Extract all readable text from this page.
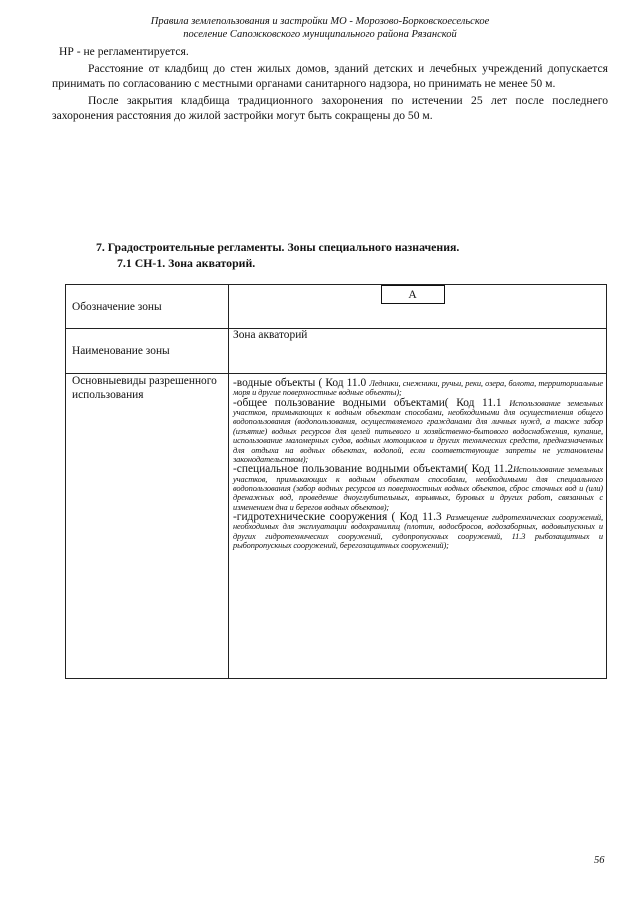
Правила землепользования и застройки МО - Морозово-Борковскоесельское
поселение Сапожковского муниципального района Рязанской

НР - не регламентируется.

Расстояние от кладбищ до стен жилых домов, зданий детских и лечебных учреждений допускается принимать по согласованию с местными органами санитарного надзора, но принимать не менее 50 м.

После закрытия кладбища традиционного захоронения по истечении 25 лет после последнего захоронения расстояния до жилой застройки могут быть сокращены до 50 м.

7. Градостроительные регламенты. Зоны специального назначения.
7.1 СН-1. Зона акваторий.
Обозначение зоны	А

Наименование зоны	Зона акваторий
Основныевиды разрешенного использования	-водные объекты ( Код 11.0 Ледники, снежники, ручьи, реки, озера, болота, территориальные моря и другие поверхностные водные объекты);
-общее пользование водными объектами( Код 11.1 Использование земельных участков, примыкающих к водным объектам способами, необходимыми для осуществления общего водопользования (водопользования, осуществляемого гражданами для личных нужд, а также забор (изъятие) водных ресурсов для целей питьевого и хозяйственно-бытового водоснабжения, купание, использование маломерных судов, водных мотоциклов и других технических средств, предназначенных для отдыха на водных объектах, водопой, если соответствующие запреты не установлены законодательством);
-специальное пользование водными объектами( Код 11.2Использование земельных участков, примыкающих к водным объектам способами, необходимыми для специального водопользования (забор водных ресурсов из поверхностных водных объектов, сброс сточных вод и (или) дренажных вод, проведение дноуглубительных, взрывных, буровых и других работ, связанных с изменением дна и берегов водных объектов);
-гидротехнические сооружения ( Код 11.3 Размещение гидротехнических сооружений, необходимых для эксплуатации водохранилищ (плотин, водосбросов, водозаборных, водовыпускных и других гидротехнических сооружений, судопропускных сооружений, 11.3 рыбозащитных и рыбопропускных сооружений, берегозащитных сооружений);
56
